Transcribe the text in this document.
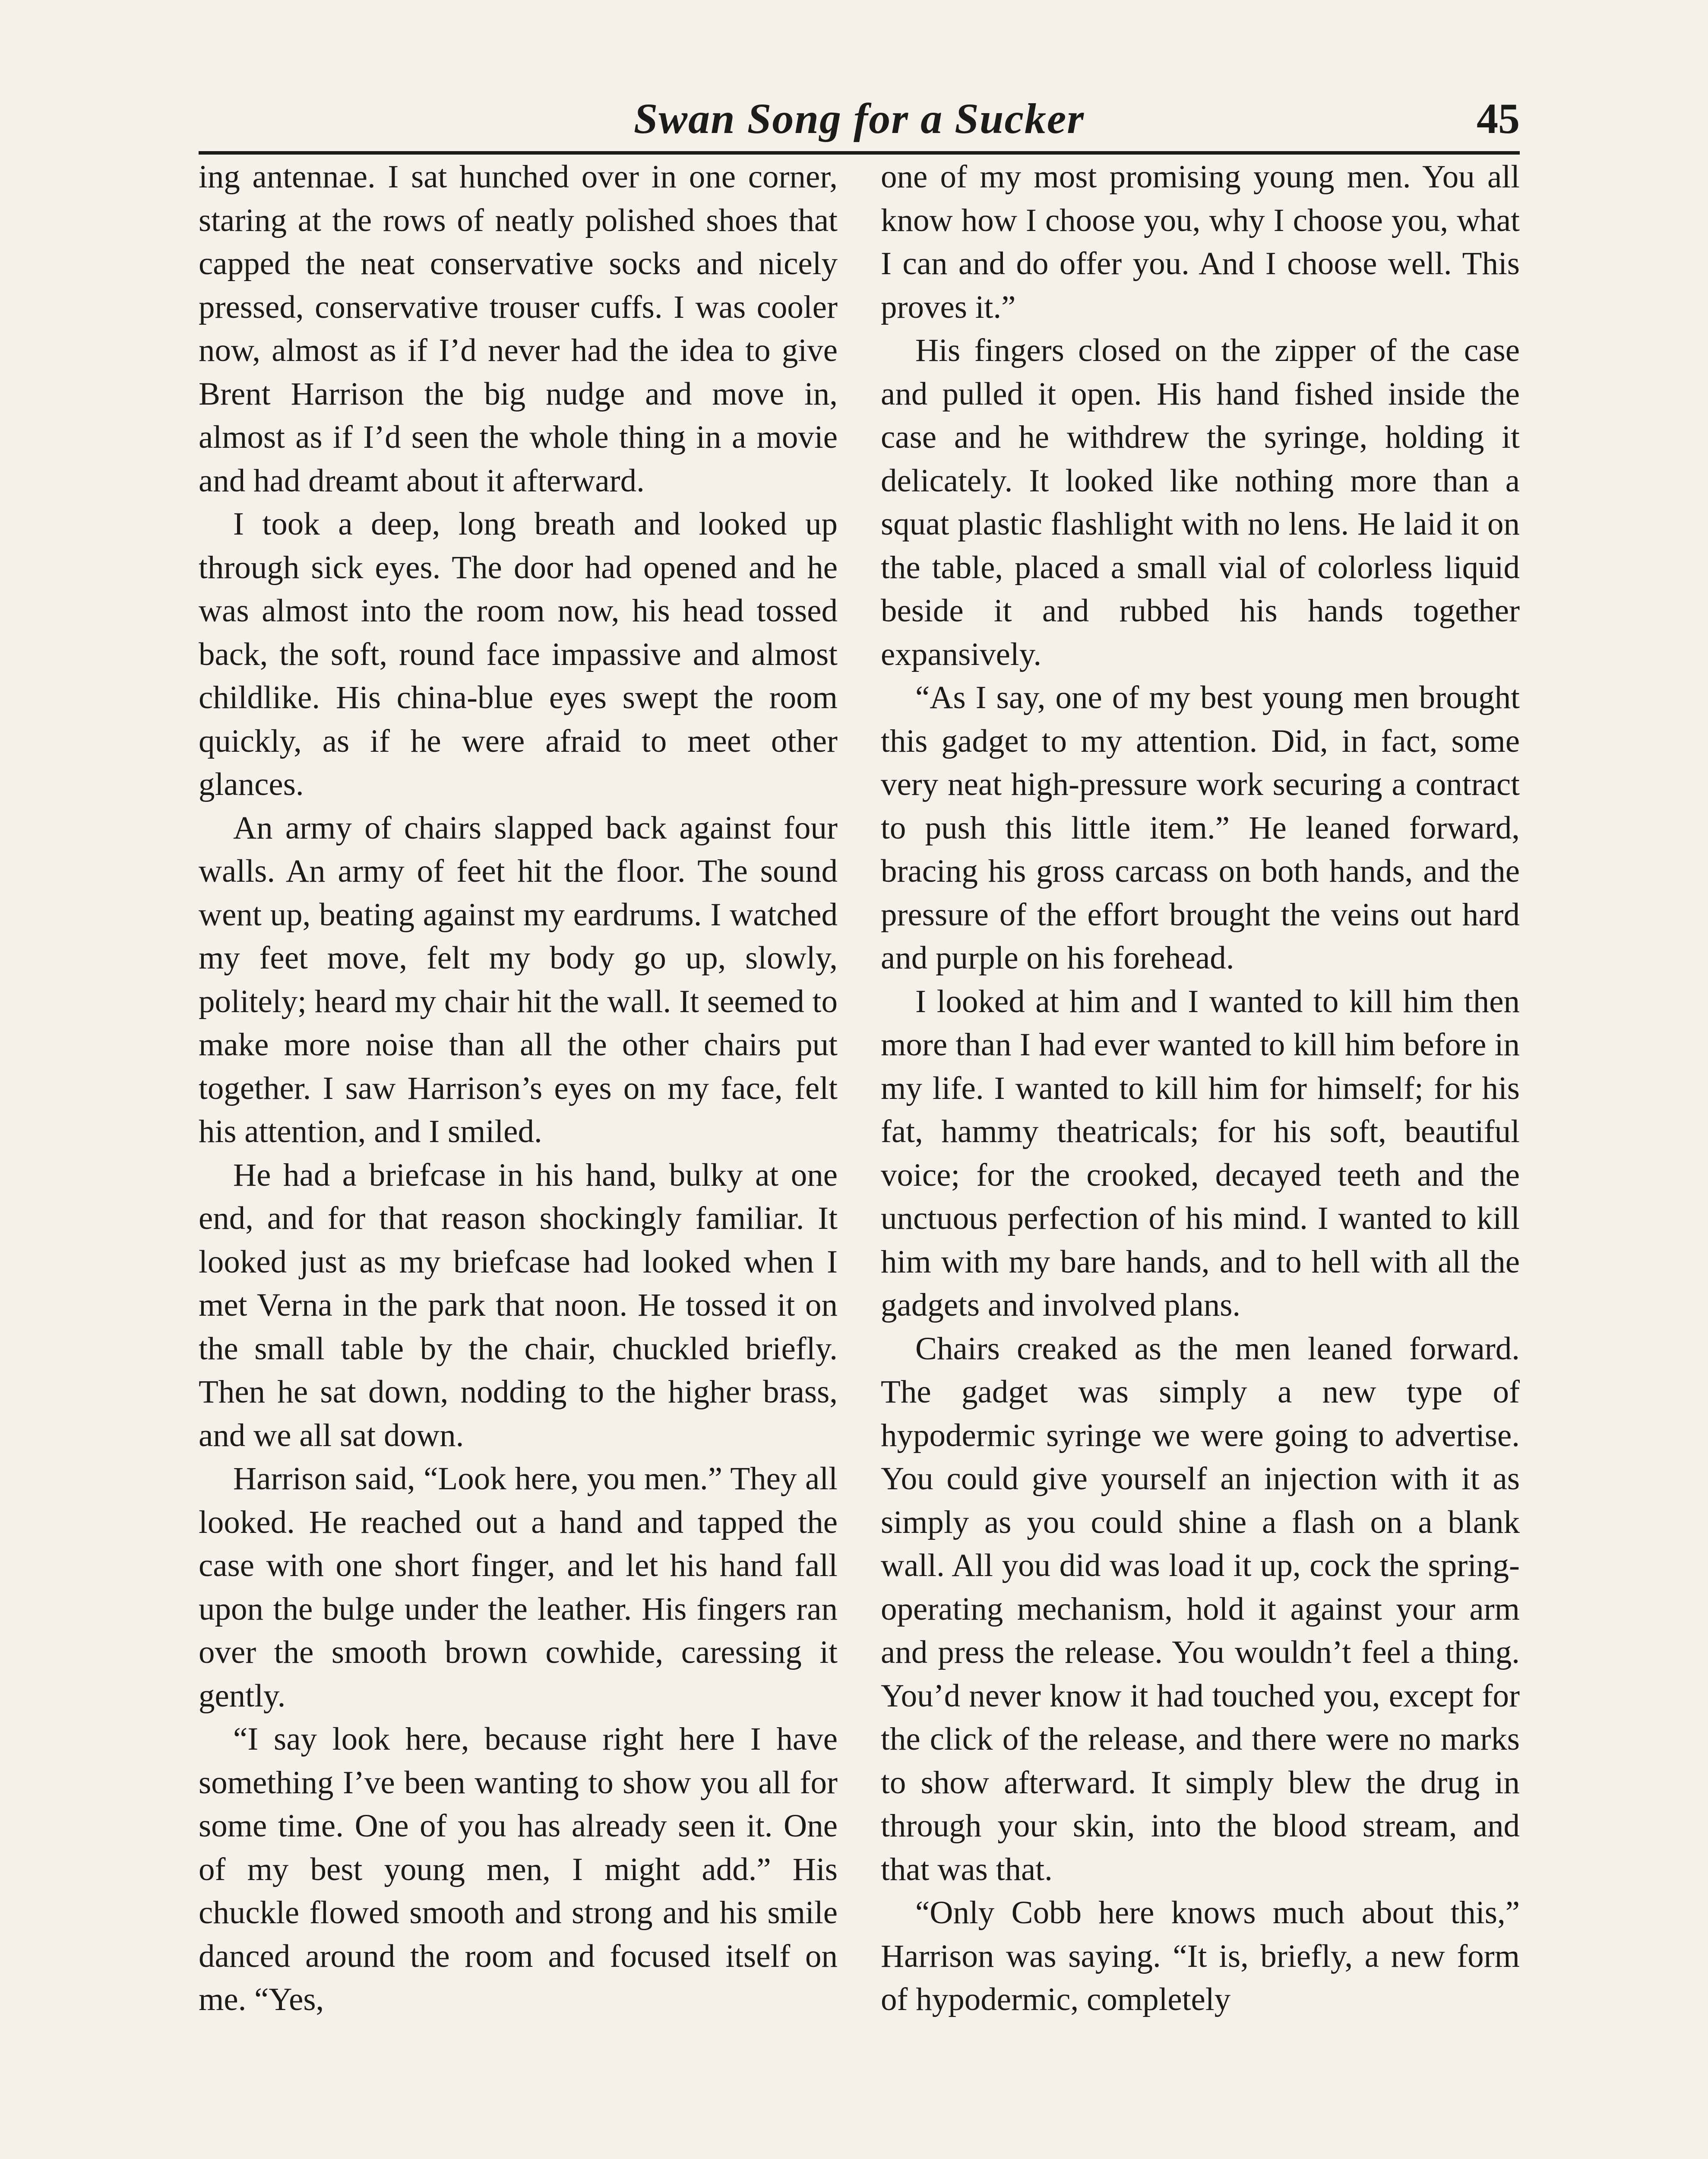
Swan Song for a Sucker	45

ing antennae. I sat hunched over in one corner, staring at the rows of neatly polished shoes that capped the neat conservative socks and nicely pressed, conservative trouser cuffs. I was cooler now, almost as if I’d never had the idea to give Brent Harrison the big nudge and move in, almost as if I’d seen the whole thing in a movie and had dreamt about it afterward.

I took a deep, long breath and looked up through sick eyes. The door had opened and he was almost into the room now, his head tossed back, the soft, round face impassive and almost childlike. His china-blue eyes swept the room quickly, as if he were afraid to meet other glances.

An army of chairs slapped back against four walls. An army of feet hit the floor. The sound went up, beating against my eardrums. I watched my feet move, felt my body go up, slowly, politely; heard my chair hit the wall. It seemed to make more noise than all the other chairs put together. I saw Harrison’s eyes on my face, felt his attention, and I smiled.

He had a briefcase in his hand, bulky at one end, and for that reason shockingly familiar. It looked just as my briefcase had looked when I met Verna in the park that noon. He tossed it on the small table by the chair, chuckled briefly. Then he sat down, nodding to the higher brass, and we all sat down.

Harrison said, “Look here, you men.” They all looked. He reached out a hand and tapped the case with one short finger, and let his hand fall upon the bulge under the leather. His fingers ran over the smooth brown cowhide, caressing it gently.

“I say look here, because right here I have something I’ve been wanting to show you all for some time. One of you has already seen it. One of my best young men, I might add.” His chuckle flowed smooth and strong and his smile danced around the room and focused itself on me. “Yes,

one of my most promising young men. You all know how I choose you, why I choose you, what I can and do offer you. And I choose well. This proves it.”

His fingers closed on the zipper of the case and pulled it open. His hand fished inside the case and he withdrew the syringe, holding it delicately. It looked like nothing more than a squat plastic flashlight with no lens. He laid it on the table, placed a small vial of colorless liquid beside it and rubbed his hands together expansively.

“As I say, one of my best young men brought this gadget to my attention. Did, in fact, some very neat high-pressure work securing a contract to push this little item.” He leaned forward, bracing his gross carcass on both hands, and the pressure of the effort brought the veins out hard and purple on his forehead.

I looked at him and I wanted to kill him then more than I had ever wanted to kill him before in my life. I wanted to kill him for himself; for his fat, hammy theatricals; for his soft, beautiful voice; for the crooked, decayed teeth and the unctuous perfection of his mind. I wanted to kill him with my bare hands, and to hell with all the gadgets and involved plans.

Chairs creaked as the men leaned forward. The gadget was simply a new type of hypodermic syringe we were going to advertise. You could give yourself an injection with it as simply as you could shine a flash on a blank wall. All you did was load it up, cock the spring-operating mechanism, hold it against your arm and press the release. You wouldn’t feel a thing. You’d never know it had touched you, except for the click of the release, and there were no marks to show afterward. It simply blew the drug in through your skin, into the blood stream, and that was that.

“Only Cobb here knows much about this,” Harrison was saying. “It is, briefly, a new form of hypodermic, completely
